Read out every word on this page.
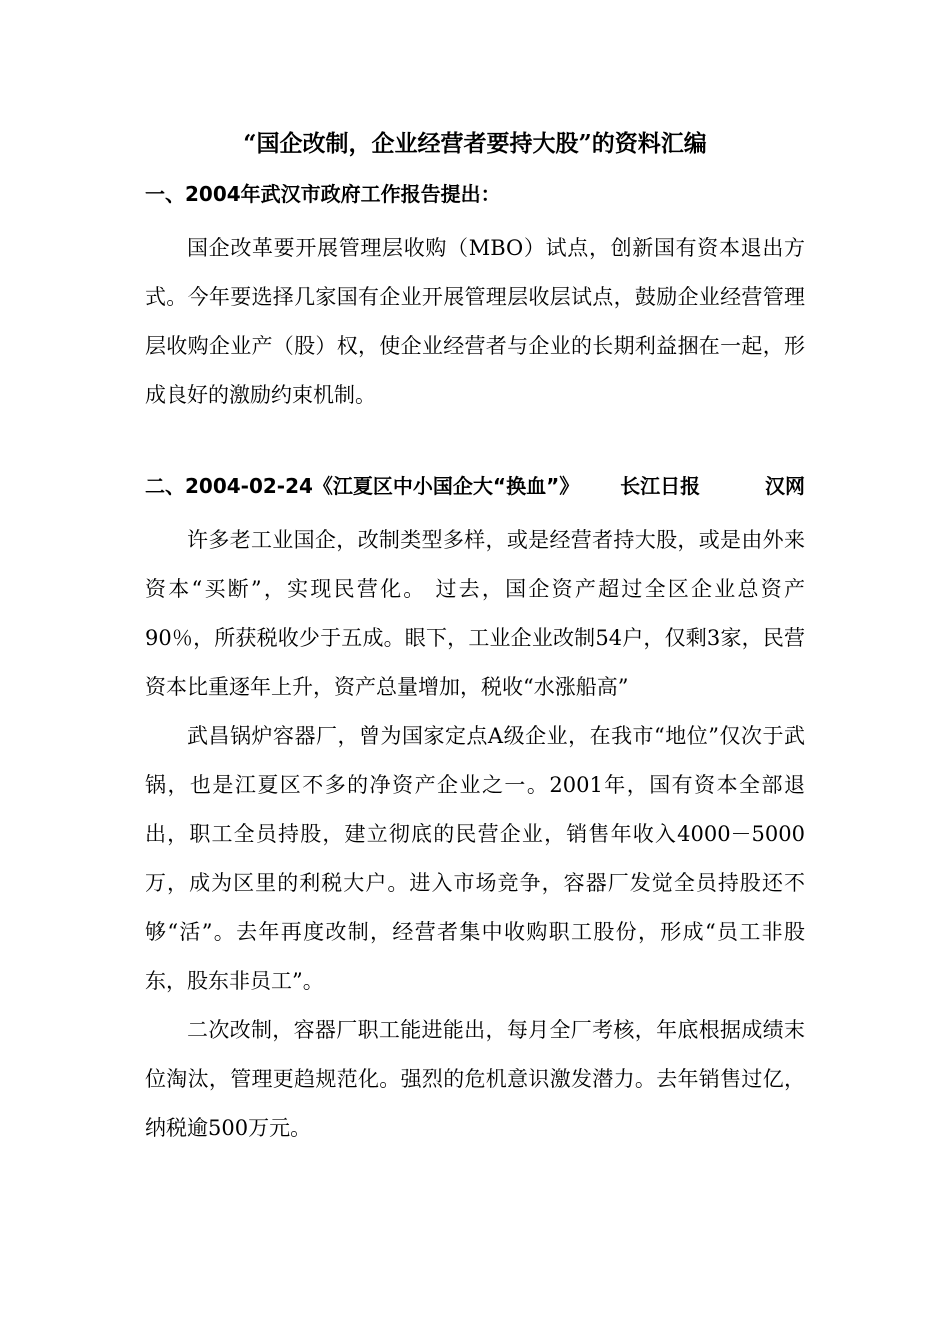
“国企改制，企业经营者要持大股”的资料汇编
一、2004年武汉市政府工作报告提出：

国企改革要开展管理层收购（MBO）试点，创新国有资本退出方式。今年要选择几家国有企业开展管理层收层试点，鼓励企业经营管理层收购企业产（股）权，使企业经营者与企业的长期利益捆在一起，形成良好的激励约束机制。

二、2004-02-24《江夏区中小国企大“换血”》 长江日报	汉网

许多老工业国企，改制类型多样，或是经营者持大股，或是由外来资本“买断”，实现民营化。 过去，国企资产超过全区企业总资产90％，所获税收少于五成。眼下，工业企业改制54户，仅剩3家，民营资本比重逐年上升，资产总量增加，税收“水涨船高”

武昌锅炉容器厂，曾为国家定点A级企业，在我市“地位”仅次于武锅，也是江夏区不多的净资产企业之一。2001年，国有资本全部退出，职工全员持股，建立彻底的民营企业，销售年收入4000－5000万，成为区里的利税大户。进入市场竞争，容器厂发觉全员持股还不够“活”。去年再度改制，经营者集中收购职工股份，形成“员工非股东，股东非员工”。

二次改制，容器厂职工能进能出，每月全厂考核，年底根据成绩末位淘汰，管理更趋规范化。强烈的危机意识激发潜力。去年销售过亿，纳税逾500万元。
